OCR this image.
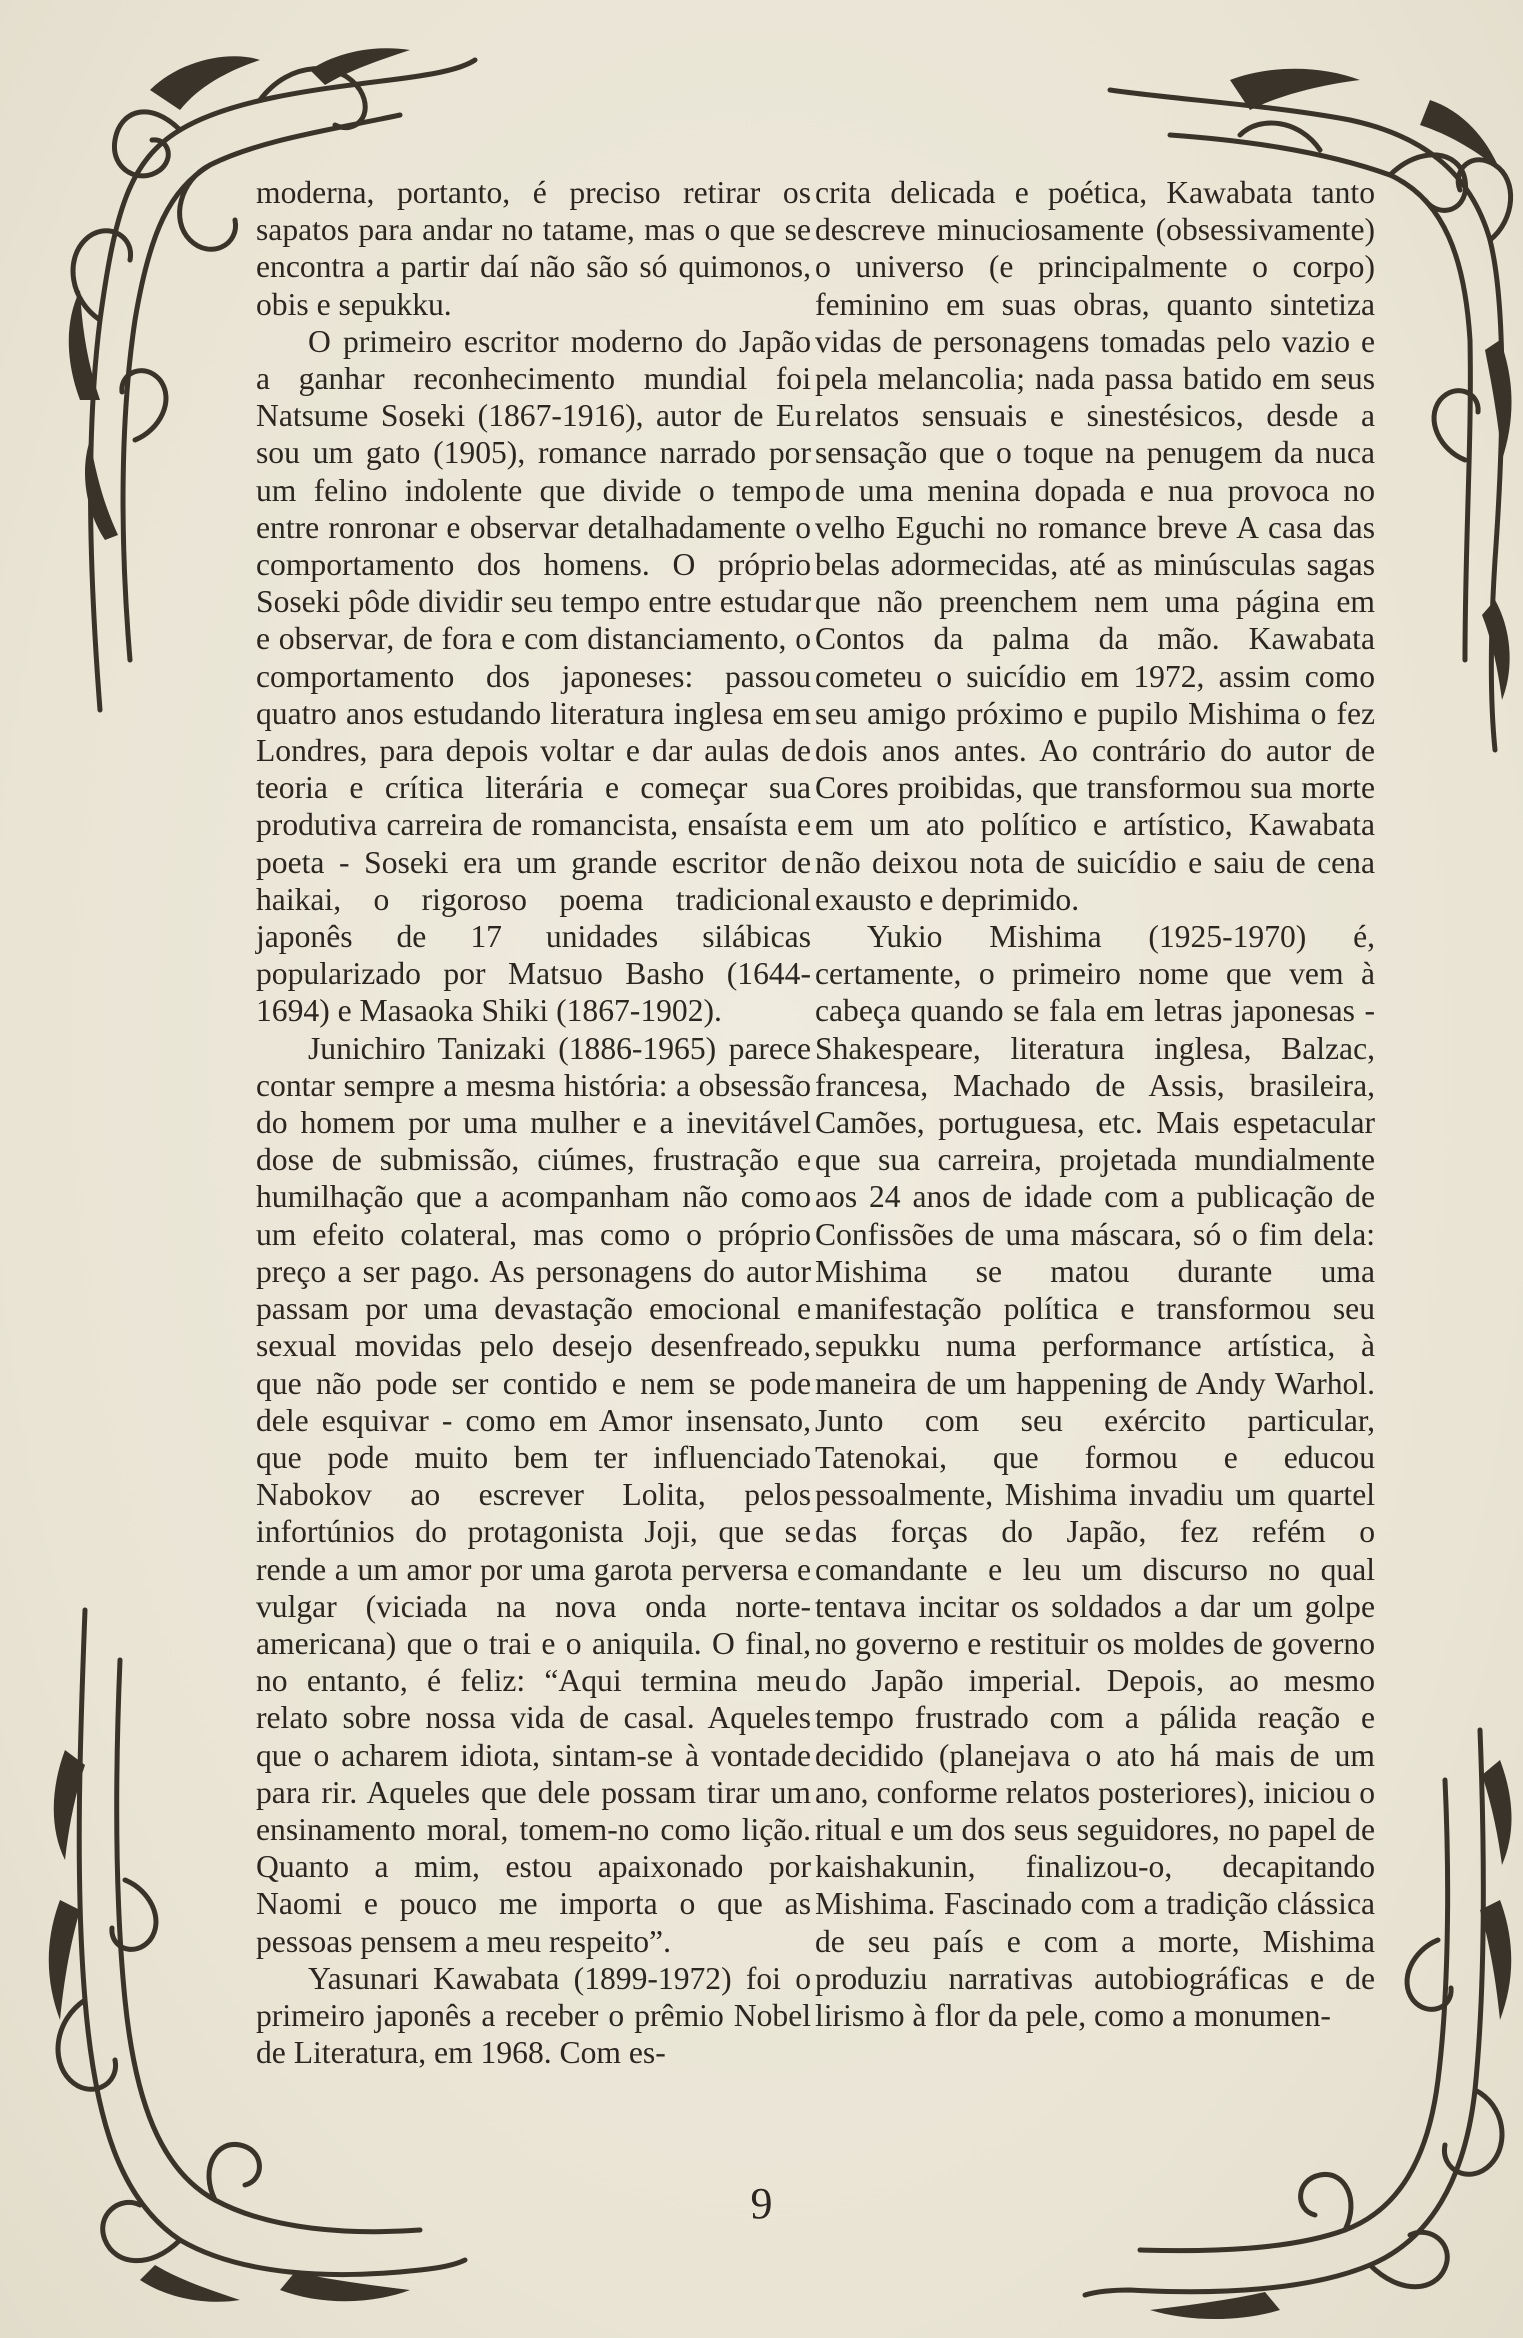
moderna, portanto, é preciso retirar os sapatos para andar no tatame, mas o que se encontra a partir daí não são só quimonos, obis e sepukku.

O primeiro escritor moderno do Japão a ganhar reconhecimento mundial foi Natsume Soseki (1867-1916), autor de Eu sou um gato (1905), romance narrado por um felino indolente que divide o tempo entre ronronar e observar detalhadamente o comportamento dos homens. O próprio Soseki pôde dividir seu tempo entre estudar e observar, de fora e com distanciamento, o comportamento dos japoneses: passou quatro anos estudando literatura inglesa em Londres, para depois voltar e dar aulas de teoria e crítica literária e começar sua produtiva carreira de romancista, ensaísta e poeta - Soseki era um grande escritor de haikai, o rigoroso poema tradicional japonês de 17 unidades silábicas popularizado por Matsuo Basho (1644-1694) e Masaoka Shiki (1867-1902).

Junichiro Tanizaki (1886-1965) parece contar sempre a mesma história: a obsessão do homem por uma mulher e a inevitável dose de submissão, ciúmes, frustração e humilhação que a acompanham não como um efeito colateral, mas como o próprio preço a ser pago. As personagens do autor passam por uma devastação emocional e sexual movidas pelo desejo desenfreado, que não pode ser contido e nem se pode dele esquivar - como em Amor insensato, que pode muito bem ter influenciado Nabokov ao escrever Lolita, pelos infortúnios do protagonista Joji, que se rende a um amor por uma garota perversa e vulgar (viciada na nova onda norte-americana) que o trai e o aniquila. O final, no entanto, é feliz: “Aqui termina meu relato sobre nossa vida de casal. Aqueles que o acharem idiota, sintam-se à vontade para rir. Aqueles que dele possam tirar um ensinamento moral, tomem-no como lição. Quanto a mim, estou apaixonado por Naomi e pouco me importa o que as pessoas pensem a meu respeito”.

Yasunari Kawabata (1899-1972) foi o primeiro japonês a receber o prêmio Nobel de Literatura, em 1968. Com es-

crita delicada e poética, Kawabata tanto descreve minuciosamente (obsessivamente) o universo (e principalmente o corpo) feminino em suas obras, quanto sintetiza vidas de personagens tomadas pelo vazio e pela melancolia; nada passa batido em seus relatos sensuais e sinestésicos, desde a sensação que o toque na penugem da nuca de uma menina dopada e nua provoca no velho Eguchi no romance breve A casa das belas adormecidas, até as minúsculas sagas que não preenchem nem uma página em Contos da palma da mão. Kawabata cometeu o suicídio em 1972, assim como seu amigo próximo e pupilo Mishima o fez dois anos antes. Ao contrário do autor de Cores proibidas, que transformou sua morte em um ato político e artístico, Kawabata não deixou nota de suicídio e saiu de cena exausto e deprimido.

Yukio Mishima (1925-1970) é, certamente, o primeiro nome que vem à cabeça quando se fala em letras japonesas - Shakespeare, literatura inglesa, Balzac, francesa, Machado de Assis, brasileira, Camões, portuguesa, etc. Mais espetacular que sua carreira, projetada mundialmente aos 24 anos de idade com a publicação de Confissões de uma máscara, só o fim dela: Mishima se matou durante uma manifestação política e transformou seu sepukku numa performance artística, à maneira de um happening de Andy Warhol. Junto com seu exército particular, Tatenokai, que formou e educou pessoalmente, Mishima invadiu um quartel das forças do Japão, fez refém o comandante e leu um discurso no qual tentava incitar os soldados a dar um golpe no governo e restituir os moldes de governo do Japão imperial. Depois, ao mesmo tempo frustrado com a pálida reação e decidido (planejava o ato há mais de um ano, conforme relatos posteriores), iniciou o ritual e um dos seus seguidores, no papel de kaishakunin, finalizou-o, decapitando Mishima. Fascinado com a tradição clássica de seu país e com a morte, Mishima produziu narrativas autobiográficas e de lirismo à flor da pele, como a monumen-

9
